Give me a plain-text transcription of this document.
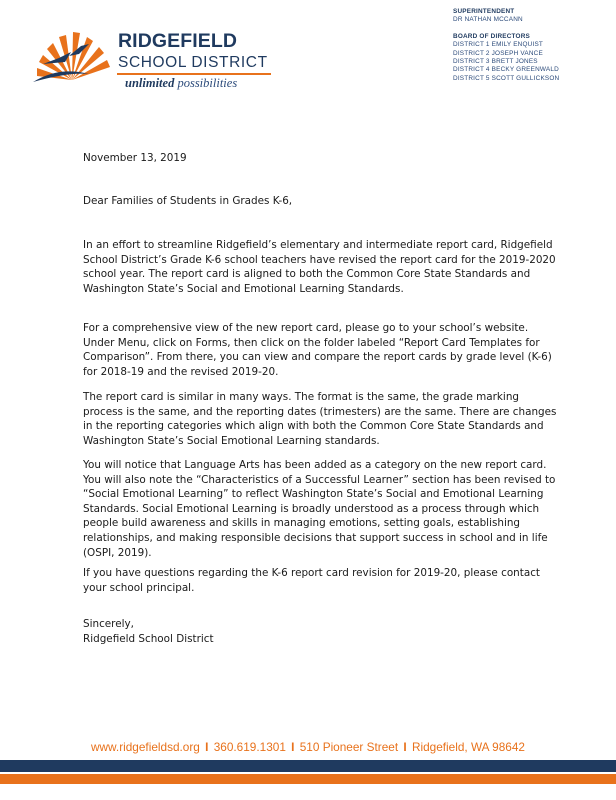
RIDGEFIELD
SCHOOL DISTRICT
unlimited possibilities
SUPERINTENDENT
DR NATHAN MCCANN
BOARD OF DIRECTORS
DISTRICT 1 EMILY ENQUIST
DISTRICT 2 JOSEPH VANCE
DISTRICT 3 BRETT JONES
DISTRICT 4 BECKY GREENWALD
DISTRICT 5 SCOTT GULLICKSON
November 13, 2019
Dear Families of Students in Grades K-6,

In an effort to streamline Ridgefield’s elementary and intermediate report card, Ridgefield School District’s Grade K-6 school teachers have revised the report card for the 2019-2020 school year. The report card is aligned to both the Common Core State Standards and Washington State’s Social and Emotional Learning Standards.

For a comprehensive view of the new report card, please go to your school’s website. Under Menu, click on Forms, then click on the folder labeled “Report Card Templates for Comparison”. From there, you can view and compare the report cards by grade level (K-6) for 2018-19 and the revised 2019-20.

The report card is similar in many ways. The format is the same, the grade marking process is the same, and the reporting dates (trimesters) are the same. There are changes in the reporting categories which align with both the Common Core State Standards and Washington State’s Social Emotional Learning standards.

You will notice that Language Arts has been added as a category on the new report card. You will also note the “Characteristics of a Successful Learner” section has been revised to “Social Emotional Learning” to reflect Washington State’s Social and Emotional Learning Standards. Social Emotional Learning is broadly understood as a process through which people build awareness and skills in managing emotions, setting goals, establishing relationships, and making responsible decisions that support success in school and in life (OSPI, 2019).

If you have questions regarding the K-6 report card revision for 2019-20, please contact your school principal.

Sincerely,
Ridgefield School District
www.ridgefieldsd.org I 360.619.1301 I 510 Pioneer Street I Ridgefield, WA 98642
